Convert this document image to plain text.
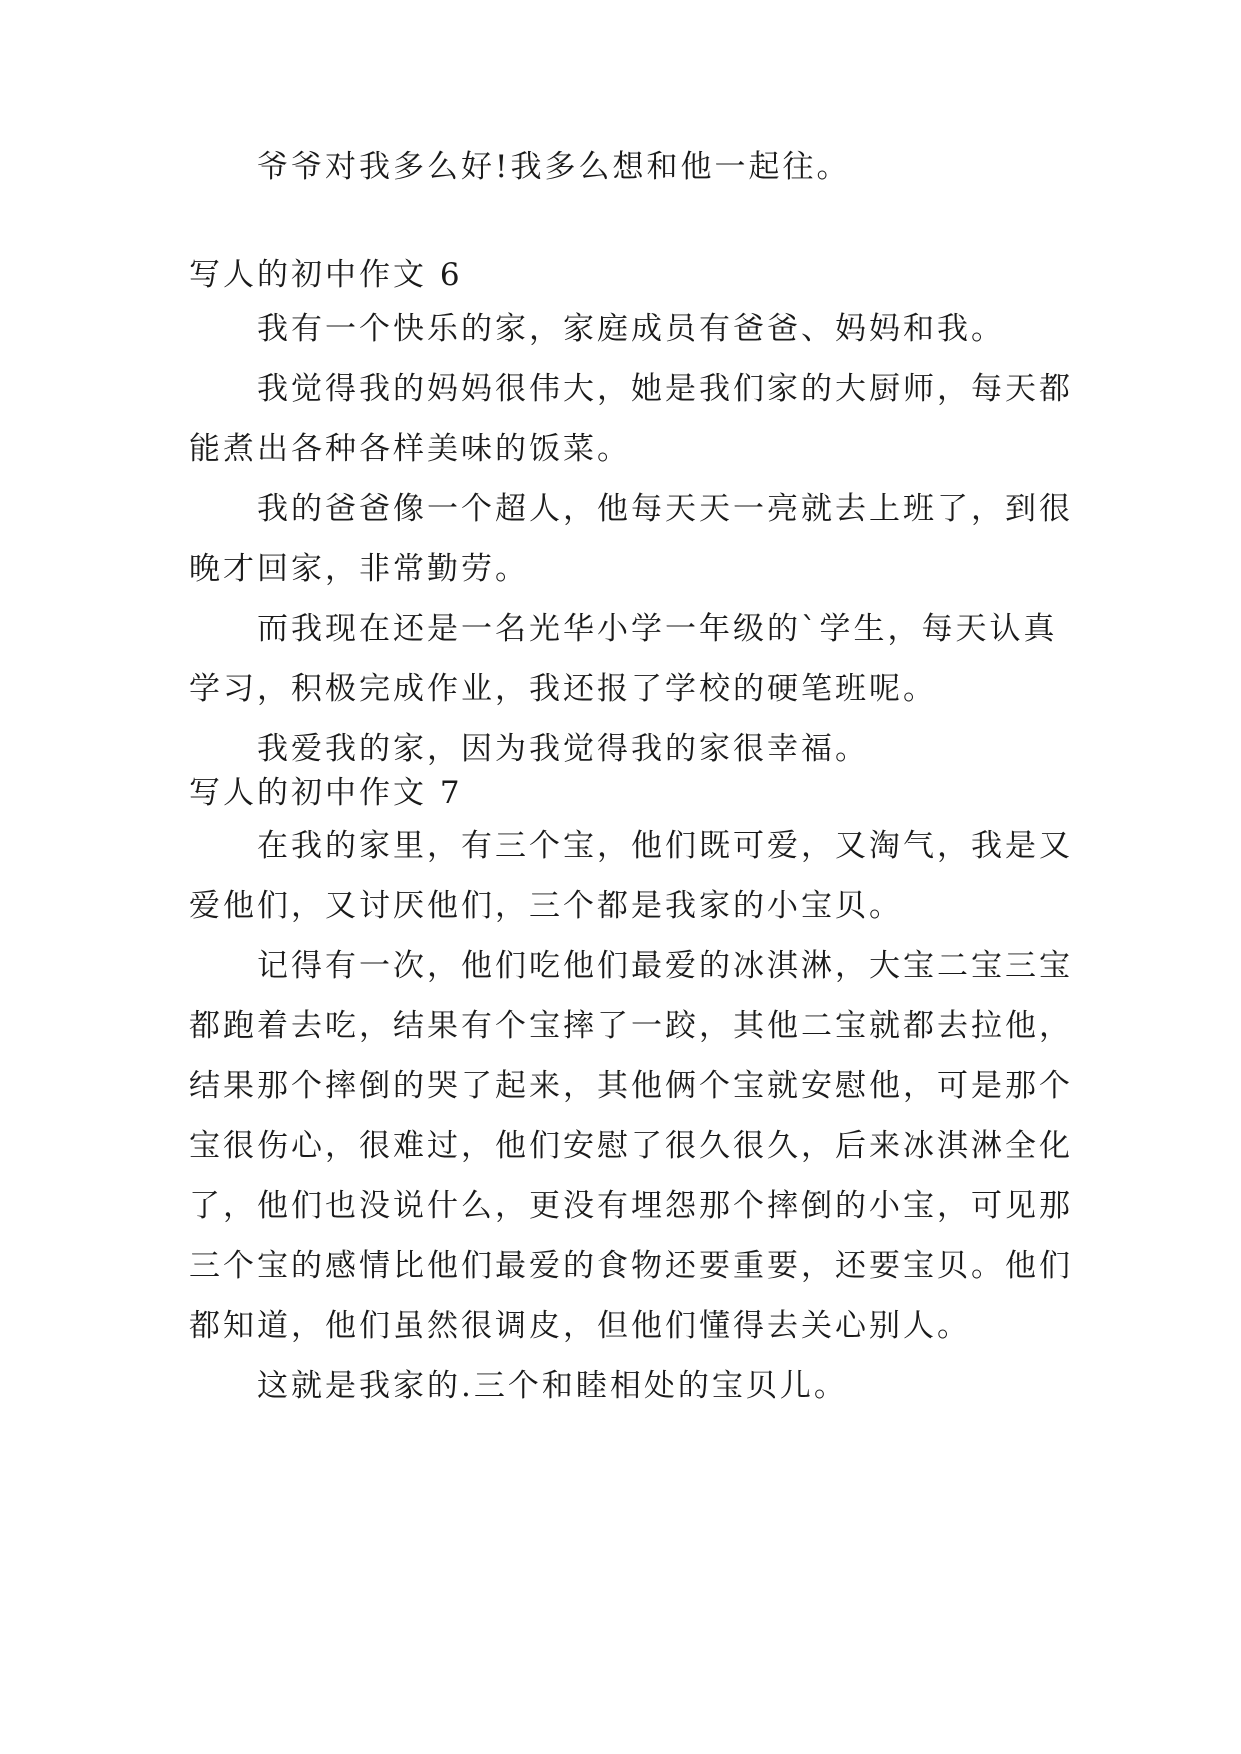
爷爷对我多么好!我多么想和他一起往。
写人的初中作文 6
我有一个快乐的家，家庭成员有爸爸、妈妈和我。
我觉得我的妈妈很伟大，她是我们家的大厨师，每天都
能煮出各种各样美味的饭菜。
我的爸爸像一个超人，他每天天一亮就去上班了，到很
晚才回家，非常勤劳。
而我现在还是一名光华小学一年级的`学生，每天认真
学习，积极完成作业，我还报了学校的硬笔班呢。
我爱我的家，因为我觉得我的家很幸福。
写人的初中作文 7
在我的家里，有三个宝，他们既可爱，又淘气，我是又
爱他们，又讨厌他们，三个都是我家的小宝贝。
记得有一次，他们吃他们最爱的冰淇淋，大宝二宝三宝
都跑着去吃，结果有个宝摔了一跤，其他二宝就都去拉他，
结果那个摔倒的哭了起来，其他俩个宝就安慰他，可是那个
宝很伤心，很难过，他们安慰了很久很久，后来冰淇淋全化
了，他们也没说什么，更没有埋怨那个摔倒的小宝，可见那
三个宝的感情比他们最爱的食物还要重要，还要宝贝。他们
都知道，他们虽然很调皮，但他们懂得去关心别人。
这就是我家的.三个和睦相处的宝贝儿。
